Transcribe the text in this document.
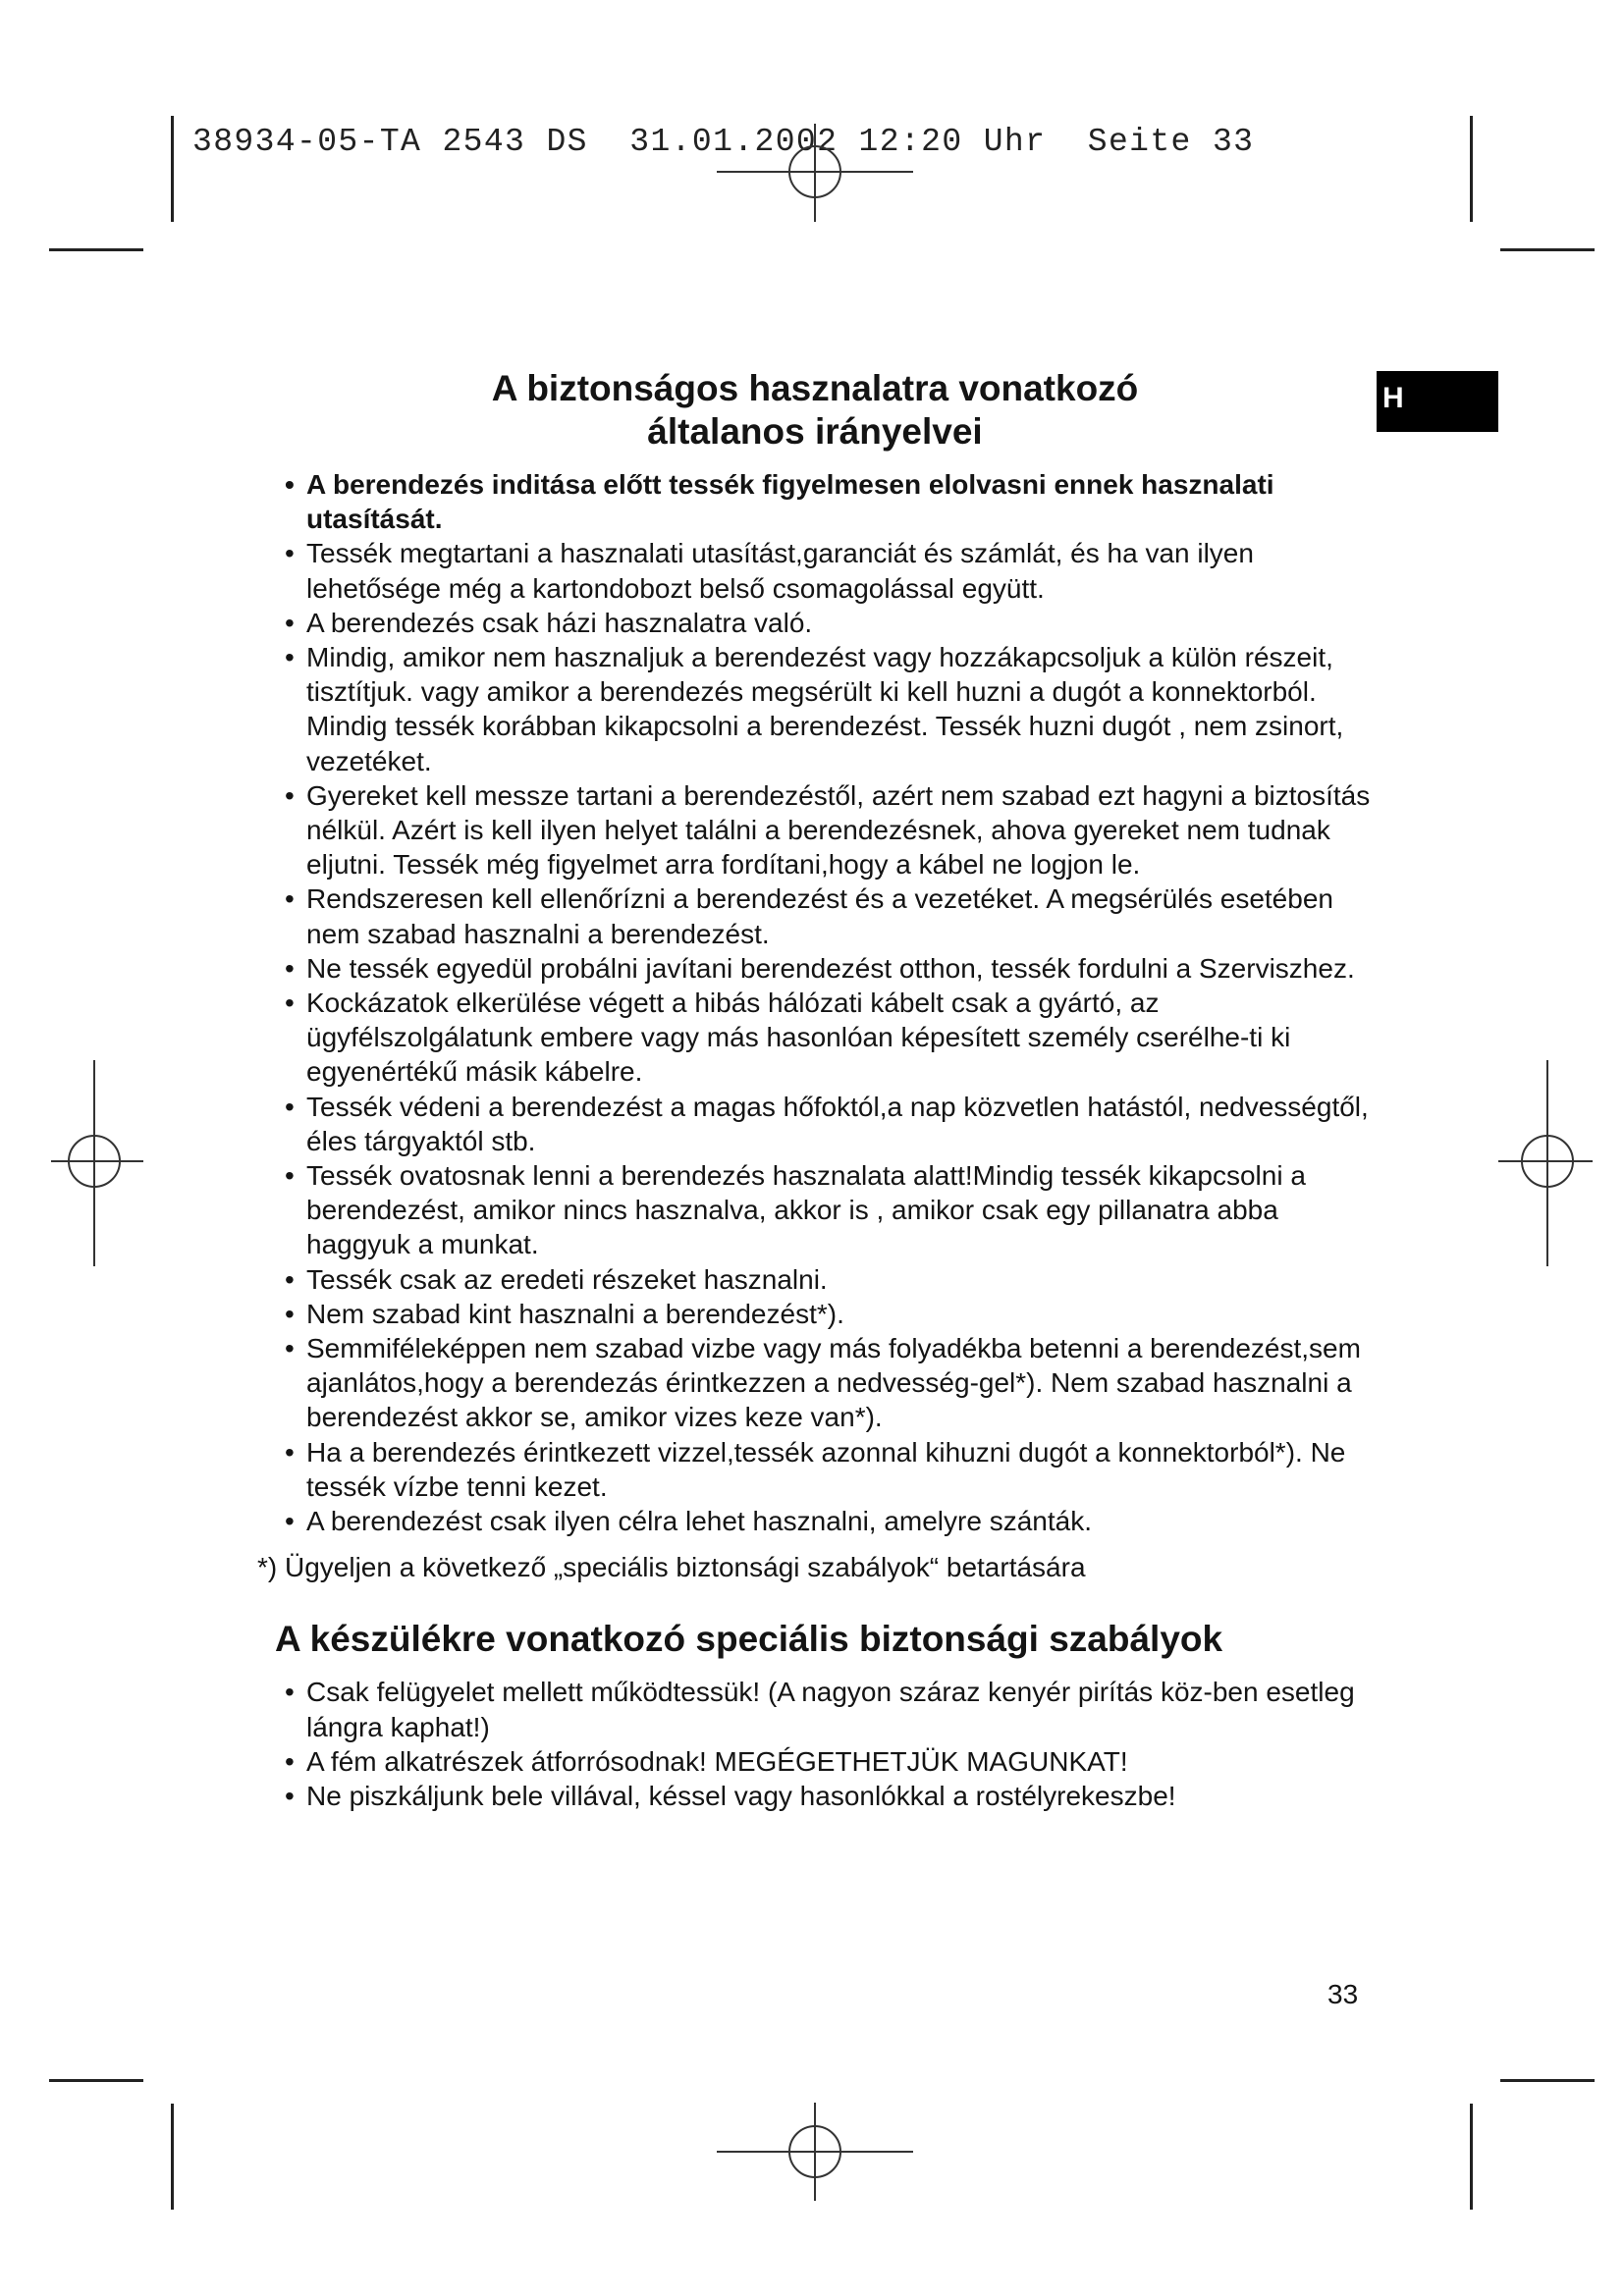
38934-05-TA 2543 DS  31.01.2002 12:20 Uhr  Seite 33
H
A biztonságos hasznalatra vonatkozó
általanos irányelvei
• A berendezés inditása előtt tessék figyelmesen elolvasni ennek hasznalati utasítását.
• Tessék megtartani a hasznalati utasítást,garanciát és számlát, és ha van ilyen lehetősége még a kartondobozt belső csomagolással együtt.
• A berendezés csak házi hasznalatra való.
• Mindig, amikor nem hasznaljuk a berendezést vagy hozzákapcsoljuk a külön részeit, tisztítjuk. vagy amikor a berendezés megsérült ki kell huzni a dugót a konnektorból. Mindig tessék korábban kikapcsolni a berendezést. Tessék huzni dugót , nem zsinort, vezetéket.
• Gyereket kell messze tartani a berendezéstől, azért nem szabad ezt hagyni a biztosítás nélkül. Azért is kell ilyen helyet találni a berendezésnek, ahova gyereket nem tudnak eljutni. Tessék még figyelmet arra fordítani,hogy a kábel ne logjon le.
• Rendszeresen kell ellenőrízni a berendezést és a vezetéket. A megsérülés esetében nem szabad hasznalni a berendezést.
• Ne tessék egyedül probálni javítani berendezést otthon, tessék fordulni a Szerviszhez.
• Kockázatok elkerülése végett a hibás hálózati kábelt csak a gyártó, az ügyfélszolgálatunk embere vagy más hasonlóan képesített személy cserélhe-ti ki egyenértékű másik kábelre.
• Tessék védeni a berendezést a magas hőfoktól,a nap közvetlen hatástól, nedvességtől, éles tárgyaktól stb.
• Tessék ovatosnak lenni a berendezés hasznalata alatt!Mindig tessék kikapcsolni a berendezést, amikor nincs hasznalva, akkor is , amikor csak egy pillanatra abba haggyuk a munkat.
• Tessék csak az eredeti részeket hasznalni.
• Nem szabad kint hasznalni a berendezést*).
• Semmiféleképpen nem szabad vizbe vagy más folyadékba betenni a berendezést,sem ajanlátos,hogy a berendezás érintkezzen a nedvesség-gel*). Nem szabad hasznalni a berendezést akkor se, amikor vizes keze van*).
• Ha a berendezés érintkezett vizzel,tessék azonnal kihuzni dugót a konnektorból*). Ne tessék vízbe tenni kezet.
• A berendezést csak ilyen célra lehet hasznalni, amelyre szánták.
*) Ügyeljen a következő „speciális biztonsági szabályok“ betartására
A készülékre vonatkozó speciális biztonsági szabályok
• Csak felügyelet mellett működtessük! (A nagyon száraz kenyér pirítás köz-ben esetleg lángra kaphat!)
• A fém alkatrészek átforrósodnak! MEGÉGETHETJÜK MAGUNKAT!
• Ne piszkáljunk bele villával, késsel vagy hasonlókkal a rostélyrekeszbe!
33
